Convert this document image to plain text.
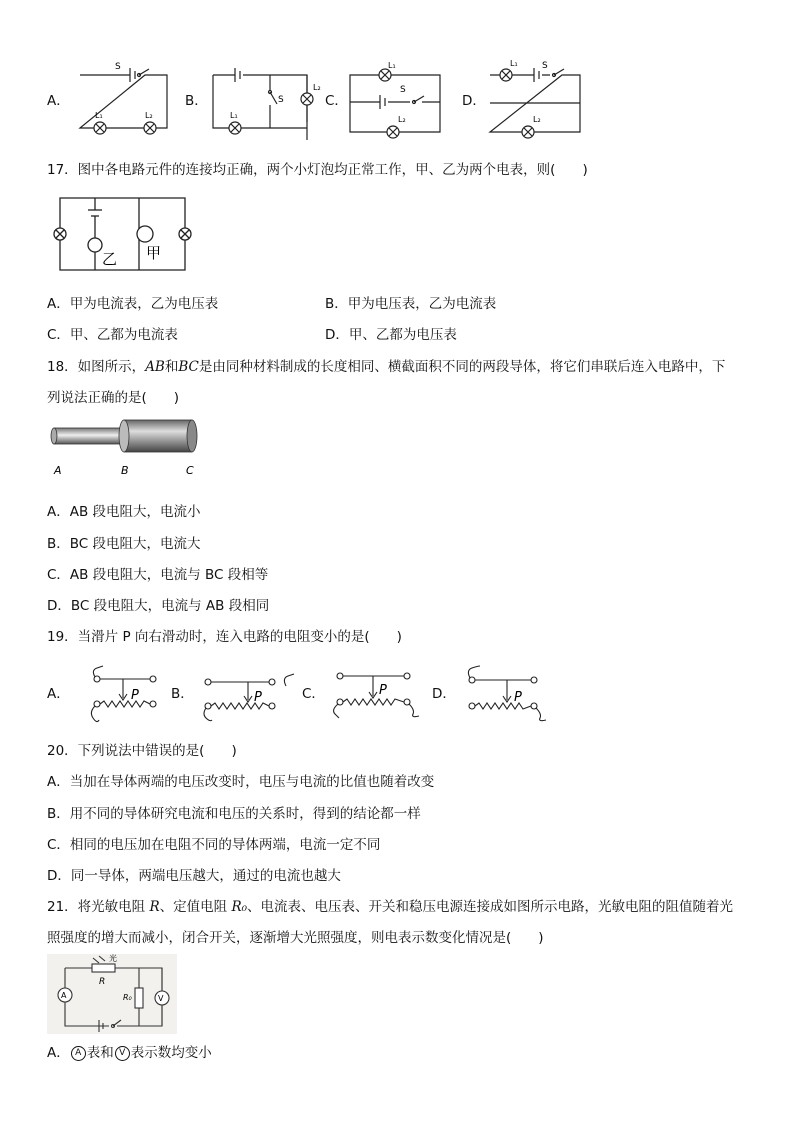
A．
S
L₁	L₂
B．	S
L₁
L₂
C．
L₁
S
L₂
D．
L₁	S
L₂
17．图中各电路元件的连接均正确，两个小灯泡均正常工作，甲、乙为两个电表，则(　　)
乙 甲
A．甲为电流表，乙为电压表	B．甲为电压表，乙为电流表
C．甲、乙都为电流表	D．甲、乙都为电压表
18．如图所示，AB和BC是由同种材料制成的长度相同、横截面积不同的两段导体，将它们串联后连入电路中，下
列说法正确的是(　　)
A	B	C
A．AB 段电阻大，电流小
B．BC 段电阻大，电流大
C．AB 段电阻大，电流与 BC 段相等
D．BC 段电阻大，电流与 AB 段相同
19．当滑片 P 向右滑动时，连入电路的电阻变小的是(　　)
A．	P B．	P	C．	P	D．	P
20．下列说法中错误的是(　　)
A．当加在导体两端的电压改变时，电压与电流的比值也随着改变
B．用不同的导体研究电流和电压的关系时，得到的结论都一样
C．相同的电压加在电阻不同的导体两端，电流一定不同
D．同一导体，两端电压越大，通过的电流也越大
21．将光敏电阻 R、定值电阻 R₀、电流表、电压表、开关和稳压电源连接成如图所示电路，光敏电阻的阻值随着光
照强度的增大而减小，闭合开关，逐渐增大光照强度，则电表示数变化情况是(　　)
光
R
R₀
A	V
A． A 表和 V 表示数均变小
